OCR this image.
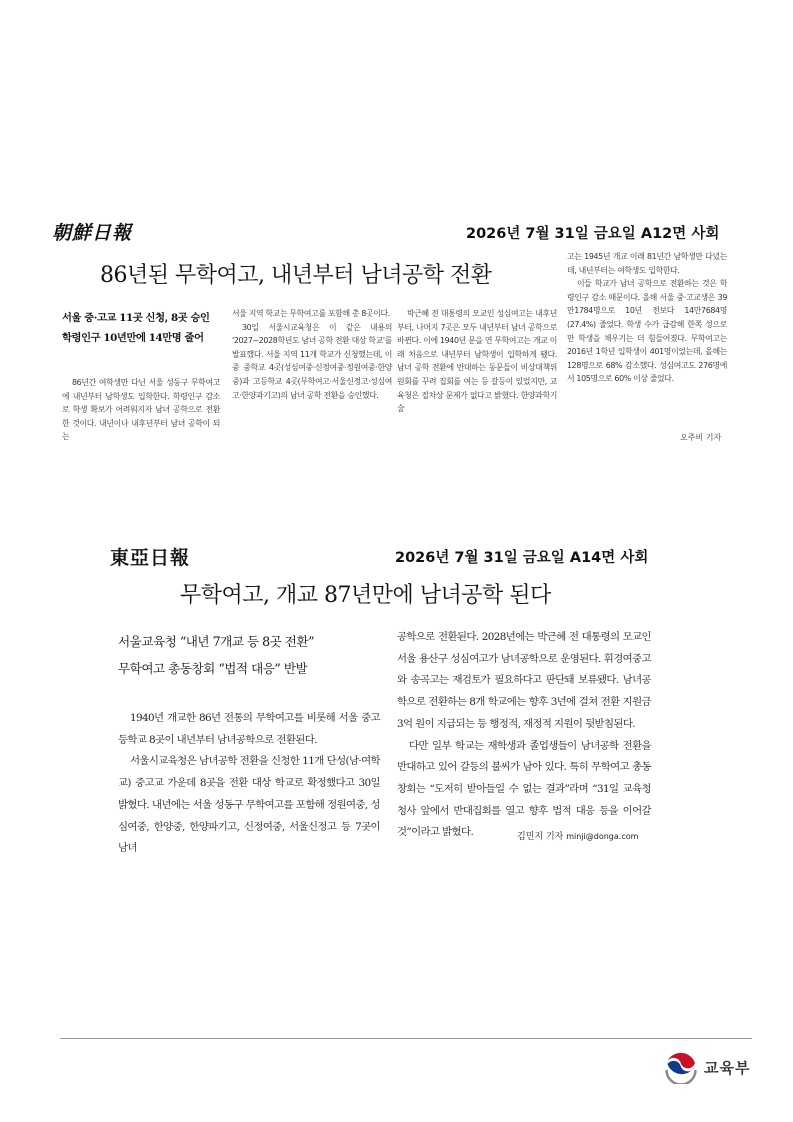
朝鮮日報	2026년 7월 31일 금요일 A12면 사회
86년된 무학여고, 내년부터 남녀공학 전환
서울 중·고교 11곳 신청, 8곳 승인
학령인구 10년만에 14만명 줄어

86년간 여학생만 다닌 서울 성동구 무학여고에 내년부터 남학생도 입학한다. 학령인구 감소로 학생 확보가 어려워지자 남녀 공학으로 전환한 것이다. 내년이나 내후년부터 남녀 공학이 되는

서울 지역 학교는 무학여고를 포함해 총 8곳이다.

30일 서울시교육청은 이 같은 내용의 '2027~2028학년도 남녀 공학 전환 대상 학교'를 발표했다. 서울 지역 11개 학교가 신청했는데, 이 중 중학교 4곳(성심여중·신정여중·정원여중·한양중)과 고등학교 4곳(무학여고·서울신정고·성심여고·한양과기고)의 남녀 공학 전환을 승인했다.

박근혜 전 대통령의 모교인 성심여고는 내후년부터, 나머지 7곳은 모두 내년부터 남녀 공학으로 바뀐다. 이에 1940년 문을 연 무학여고는 개교 이래 처음으로 내년부터 남학생이 입학하게 됐다. 남녀 공학 전환에 반대하는 동문들이 비상대책위원회를 꾸려 집회를 여는 등 갈등이 있었지만, 교육청은 절차상 문제가 없다고 밝혔다. 한양과학기술

고는 1945년 개교 이래 81년간 남학생만 다녔는데, 내년부터는 여학생도 입학한다.

이들 학교가 남녀 공학으로 전환하는 것은 학령인구 감소 때문이다. 올해 서울 중·고교생은 39만1784명으로 10년 전보다 14만7684명(27.4%) 줄었다. 학생 수가 급감해 한쪽 성으로만 학생을 채우기는 더 힘들어졌다. 무학여고는 2016년 1학년 입학생이 401명이었는데, 올해는 128명으로 68% 감소했다. 성심여고도 276명에서 105명으로 60% 이상 줄었다.

오주비 기자
東亞日報	2026년 7월 31일 금요일 A14면 사회
무학여고, 개교 87년만에 남녀공학 된다
서울교육청 “내년 7개교 등 8곳 전환”
무학여고 총동창회 “법적 대응” 반발

1940년 개교한 86년 전통의 무학여고를 비롯해 서울 중고등학교 8곳이 내년부터 남녀공학으로 전환된다.

서울시교육청은 남녀공학 전환을 신청한 11개 단성(남·여학교) 중고교 가운데 8곳을 전환 대상 학교로 확정했다고 30일 밝혔다. 내년에는 서울 성동구 무학여고를 포함해 정원여중, 성심여중, 한양중, 한양파기고, 신정여중, 서울신정고 등 7곳이 남녀

공학으로 전환된다. 2028년에는 박근혜 전 대통령의 모교인 서울 용산구 성심여고가 남녀공학으로 운영된다. 휘경여중고와 송곡고는 재검토가 필요하다고 판단돼 보류됐다. 남녀공학으로 전환하는 8개 학교에는 향후 3년에 걸쳐 전환 지원금 3억 원이 지급되는 등 행정적, 재정적 지원이 뒷받침된다.

다만 일부 학교는 재학생과 졸업생들이 남녀공학 전환을 반대하고 있어 갈등의 불씨가 남아 있다. 특히 무학여고 총동창회는 “도저히 받아들일 수 없는 결과”라며 “31일 교육청 청사 앞에서 반대집회를 열고 향후 법적 대응 등을 이어갈 것”이라고 밝혔다.	김민지 기자 minji@donga.com
교육부
